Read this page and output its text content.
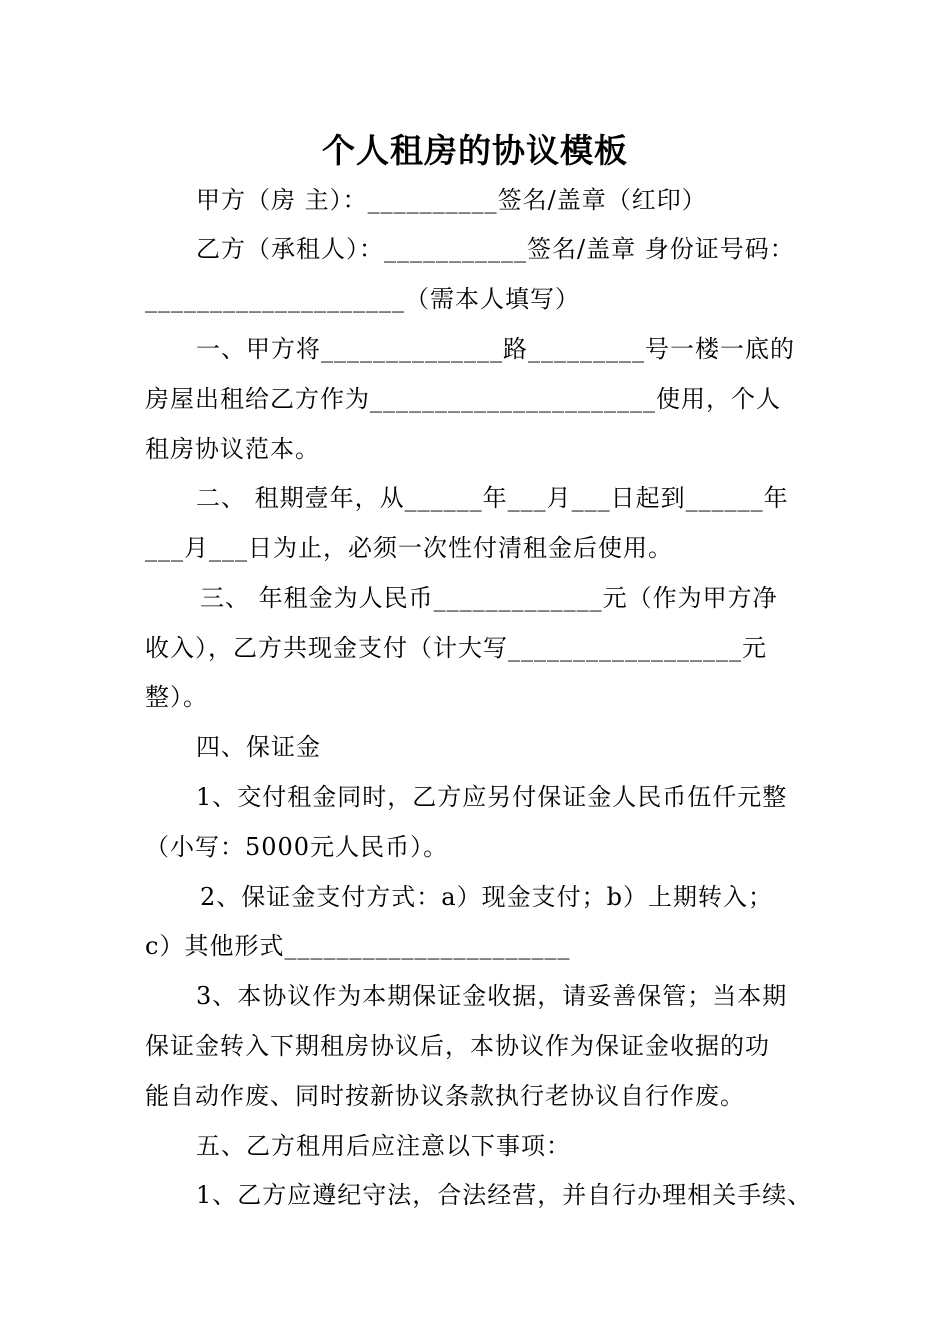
个人租房的协议模板
甲方（房 主）：__________签名/盖章（红印）
乙方（承租人）：___________签名/盖章 身份证号码：
____________________（需本人填写）
一、甲方将______________路_________号一楼一底的
房屋出租给乙方作为______________________使用，个人
租房协议范本。
二、 租期壹年，从______年___月___日起到______年
___月___日为止，必须一次性付清租金后使用。
三、 年租金为人民币_____________元（作为甲方净
收入），乙方共现金支付（计大写__________________元
整）。
四、保证金
1、交付租金同时，乙方应另付保证金人民币伍仟元整
（小写：5000元人民币）。
2、保证金支付方式：a）现金支付；b）上期转入；
c）其他形式______________________
3、本协议作为本期保证金收据，请妥善保管；当本期
保证金转入下期租房协议后，本协议作为保证金收据的功
能自动作废、同时按新协议条款执行老协议自行作废。
五、乙方租用后应注意以下事项：
1、乙方应遵纪守法，合法经营，并自行办理相关手续、
